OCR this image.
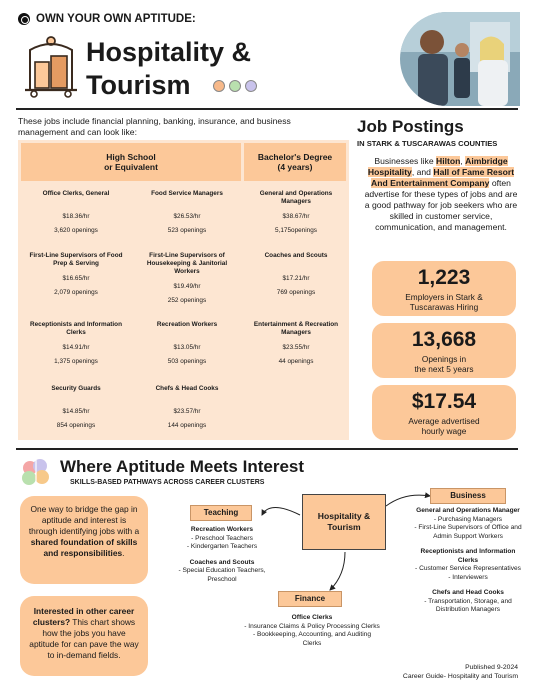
OWN YOUR OWN APTITUDE:
Hospitality &
Tourism
These jobs include financial planning, banking, insurance, and business management and can look like:
High School
or Equivalent
Bachelor's Degree
(4 years)
Office Clerks, General
$18.36/hr
3,620 openings
Food Service Managers
$26.53/hr
523 openings
General and Operations Managers
$38.67/hr
5,175openings
First-Line Supervisors of Food Prep & Serving
$16.65/hr
2,079 openings
First-Line Supervisors of Housekeeping & Janitorial Workers
$19.49/hr
252 openings
Coaches and Scouts
$17.21/hr
769 openings
Receptionists and Information Clerks
$14.91/hr
1,375 openings
Recreation Workers
$13.05/hr
503 openings
Entertainment & Recreation Managers
$23.55/hr
44 openings
Security Guards
$14.85/hr
854 openings
Chefs & Head Cooks
$23.57/hr
144 openings
Job Postings
IN STARK & TUSCARAWAS COUNTIES
Businesses like Hilton, Aimbridge Hospitality, and Hall of Fame Resort And Entertainment Company often advertise for these types of jobs and are a good pathway for job seekers who are skilled in customer service, communication, and management.
1,223
Employers in Stark &
Tuscarawas Hiring
13,668
Openings in
the next 5 years
$17.54
Average advertised
hourly wage
Where Aptitude Meets Interest
SKILLS-BASED PATHWAYS ACROSS CAREER CLUSTERS
One way to bridge the gap in aptitude and interest is through identifying jobs with a shared foundation of skills and responsibilities.
Interested in other career clusters? This chart shows how the jobs you have aptitude for can pave the way to in-demand fields.
Teaching
Business
Finance
Hospitality & Tourism
Recreation Workers
- Preschool Teachers
- Kindergarten Teachers
Coaches and Scouts
- Special Education Teachers,
Preschool
General and Operations Manager
- Purchasing Managers
- First-Line Supervisors of Office and Admin Support Workers
Receptionists and Information Clerks
- Customer Service Representatives
- Interviewers
Chefs and Head Cooks
- Transportation, Storage, and Distribution Managers
Office Clerks
- Insurance Claims & Policy Processing Clerks
- Bookkeeping, Accounting, and Auditing Clerks
Published 9-2024
Career Guide- Hospitality and Tourism
